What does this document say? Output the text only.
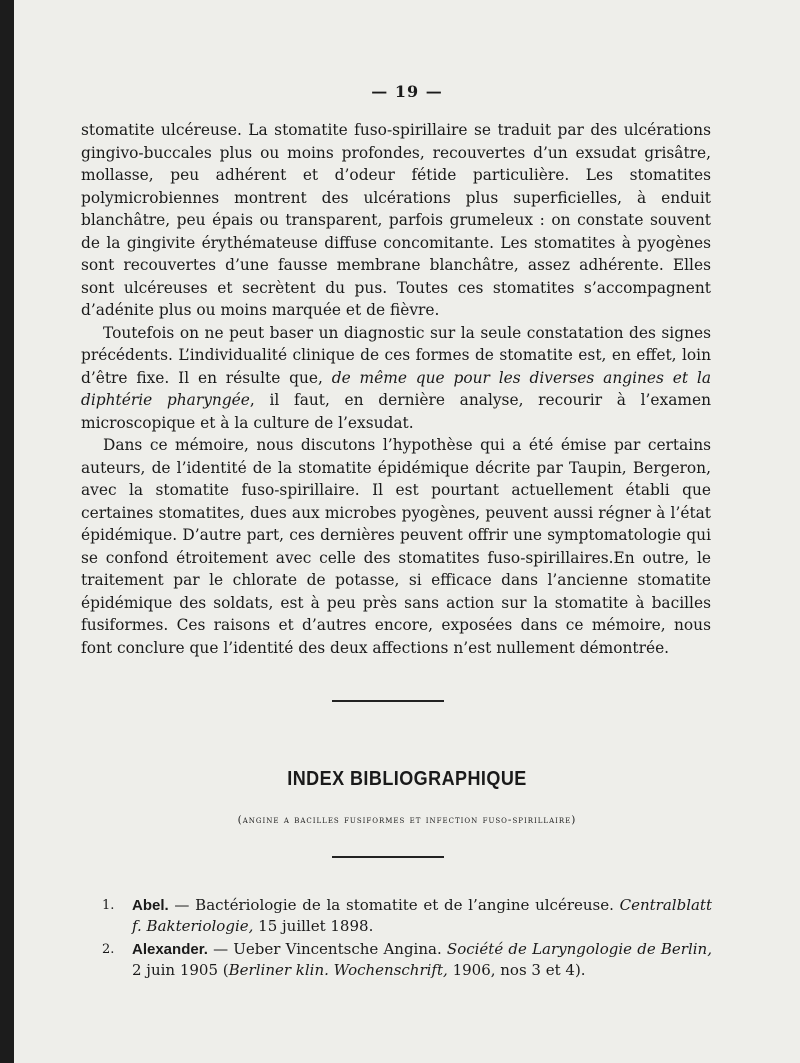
— 19 —

stomatite ulcéreuse. La stomatite fuso-spirillaire se traduit par des ulcérations gingivo-buccales plus ou moins profondes, recouvertes d’un exsudat grisâtre, mollasse, peu adhérent et d’odeur fétide particulière. Les stomatites polymicrobiennes montrent des ulcérations plus superficielles, à enduit blanchâtre, peu épais ou transparent, parfois grumeleux : on constate souvent de la gingivite érythémateuse diffuse concomitante. Les stomatites à pyogènes sont recouvertes d’une fausse membrane blanchâtre, assez adhérente. Elles sont ulcéreuses et secrètent du pus. Toutes ces stomatites s’accompagnent d’adénite plus ou moins marquée et de fièvre.

Toutefois on ne peut baser un diagnostic sur la seule constatation des signes précédents. L’individualité clinique de ces formes de stomatite est, en effet, loin d’être fixe. Il en résulte que, de même que pour les diverses angines et la diphtérie pharyngée, il faut, en dernière analyse, recourir à l’examen microscopique et à la culture de l’exsudat.

Dans ce mémoire, nous discutons l’hypothèse qui a été émise par certains auteurs, de l’identité de la stomatite épidémique décrite par Taupin, Bergeron, avec la stomatite fuso-spirillaire. Il est pourtant actuellement établi que certaines stomatites, dues aux microbes pyogènes, peuvent aussi régner à l’état épidémique. D’autre part, ces dernières peuvent offrir une symptomatologie qui se confond étroitement avec celle des stomatites fuso-spirillaires.En outre, le traitement par le chlorate de potasse, si efficace dans l’ancienne stomatite épidémique des soldats, est à peu près sans action sur la stomatite à bacilles fusiformes. Ces raisons et d’autres encore, exposées dans ce mémoire, nous font conclure que l’identité des deux affections n’est nullement démontrée.

INDEX BIBLIOGRAPHIQUE
(angine a bacilles fusiformes et infection fuso-spirillaire)
1. Abel. — Bactériologie de la stomatite et de l’angine ulcéreuse. Centralblatt f. Bakteriologie, 15 juillet 1898.
2. Alexander. — Ueber Vincentsche Angina. Société de Laryngologie de Berlin, 2 juin 1905 (Berliner klin. Wochenschrift, 1906, nos 3 et 4).
